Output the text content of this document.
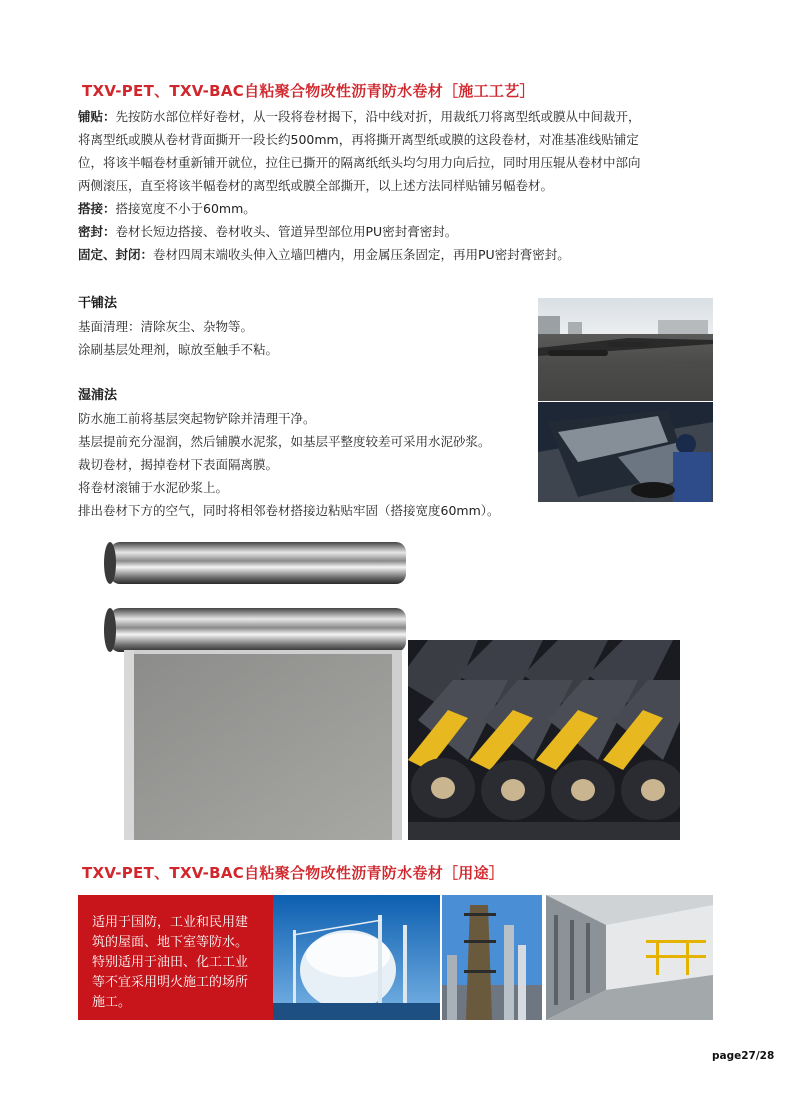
TXV-PET、TXV-BAC自粘聚合物改性沥青防水卷材［施工工艺］
铺贴：先按防水部位样好卷材，从一段将卷材揭下，沿中线对折，用裁纸刀将离型纸或膜从中间裁开，
将离型纸或膜从卷材背面撕开一段长约500mm，再将撕开离型纸或膜的这段卷材，对准基准线贴铺定
位，将该半幅卷材重新铺开就位，拉住已撕开的隔离纸纸头均匀用力向后拉，同时用压辊从卷材中部向
两侧滚压，直至将该半幅卷材的离型纸或膜全部撕开，以上述方法同样贴铺另幅卷材。
搭接：搭接宽度不小于60mm。
密封：卷材长短边搭接、卷材收头、管道异型部位用PU密封膏密封。
固定、封闭：卷材四周末端收头伸入立墙凹槽内，用金属压条固定，再用PU密封膏密封。
干铺法
基面清理：清除灰尘、杂物等。
涂刷基层处理剂，晾放至触手不粘。
湿浦法
防水施工前将基层突起物铲除并清理干净。
基层提前充分湿润，然后铺膜水泥浆，如基层平整度较差可采用水泥砂浆。
裁切卷材，揭掉卷材下表面隔离膜。
将卷材滚铺于水泥砂浆上。
排出卷材下方的空气，同时将相邻卷材搭接边粘贴牢固（搭接宽度60mm）。
TXV-PET、TXV-BAC自粘聚合物改性沥青防水卷材［用途］
适用于国防，工业和民用建
筑的屋面、地下室等防水。
特别适用于油田、化工工业
等不宜采用明火施工的场所
施工。
page27/28
